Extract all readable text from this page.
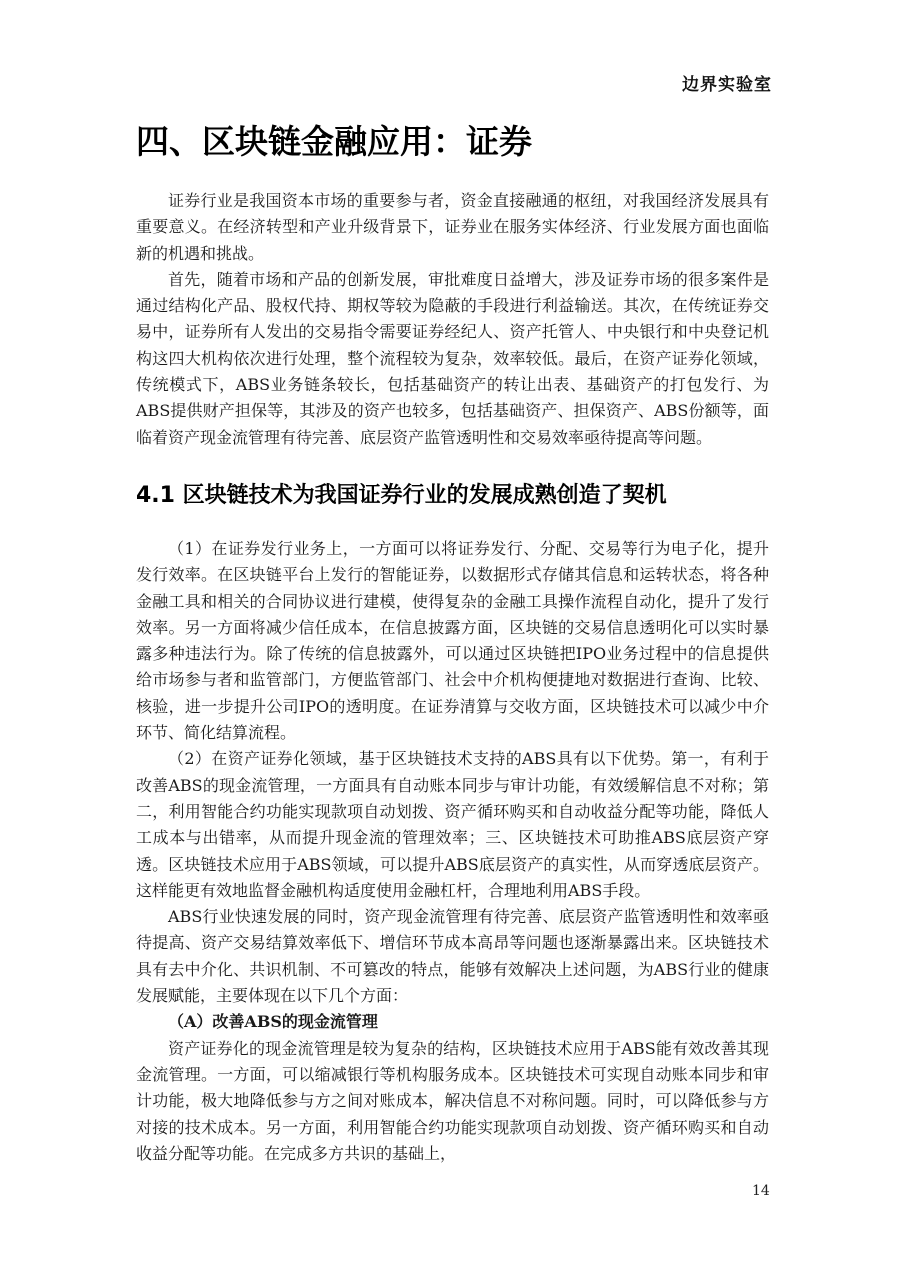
边界实验室
四、区块链金融应用：证券

证券行业是我国资本市场的重要参与者，资金直接融通的枢纽，对我国经济发展具有重要意义。在经济转型和产业升级背景下，证券业在服务实体经济、行业发展方面也面临新的机遇和挑战。

首先，随着市场和产品的创新发展，审批难度日益增大，涉及证券市场的很多案件是通过结构化产品、股权代持、期权等较为隐蔽的手段进行利益输送。其次，在传统证券交易中，证券所有人发出的交易指令需要证券经纪人、资产托管人、中央银行和中央登记机构这四大机构依次进行处理，整个流程较为复杂，效率较低。最后，在资产证券化领域，传统模式下，ABS业务链条较长，包括基础资产的转让出表、基础资产的打包发行、为ABS提供财产担保等，其涉及的资产也较多，包括基础资产、担保资产、ABS份额等，面临着资产现金流管理有待完善、底层资产监管透明性和交易效率亟待提高等问题。

4.1 区块链技术为我国证券行业的发展成熟创造了契机

（1）在证券发行业务上，一方面可以将证券发行、分配、交易等行为电子化，提升发行效率。在区块链平台上发行的智能证券，以数据形式存储其信息和运转状态，将各种金融工具和相关的合同协议进行建模，使得复杂的金融工具操作流程自动化，提升了发行效率。另一方面将减少信任成本，在信息披露方面，区块链的交易信息透明化可以实时暴露多种违法行为。除了传统的信息披露外，可以通过区块链把IPO业务过程中的信息提供给市场参与者和监管部门，方便监管部门、社会中介机构便捷地对数据进行查询、比较、核验，进一步提升公司IPO的透明度。在证券清算与交收方面，区块链技术可以减少中介环节、简化结算流程。

（2）在资产证券化领域，基于区块链技术支持的ABS具有以下优势。第一，有利于改善ABS的现金流管理，一方面具有自动账本同步与审计功能，有效缓解信息不对称；第二，利用智能合约功能实现款项自动划拨、资产循环购买和自动收益分配等功能，降低人工成本与出错率，从而提升现金流的管理效率；三、区块链技术可助推ABS底层资产穿透。区块链技术应用于ABS领域，可以提升ABS底层资产的真实性，从而穿透底层资产。这样能更有效地监督金融机构适度使用金融杠杆，合理地利用ABS手段。

ABS行业快速发展的同时，资产现金流管理有待完善、底层资产监管透明性和效率亟待提高、资产交易结算效率低下、增信环节成本高昂等问题也逐渐暴露出来。区块链技术具有去中介化、共识机制、不可篡改的特点，能够有效解决上述问题，为ABS行业的健康发展赋能，主要体现在以下几个方面：

（A）改善ABS的现金流管理

资产证券化的现金流管理是较为复杂的结构，区块链技术应用于ABS能有效改善其现金流管理。一方面，可以缩减银行等机构服务成本。区块链技术可实现自动账本同步和审计功能，极大地降低参与方之间对账成本，解决信息不对称问题。同时，可以降低参与方对接的技术成本。另一方面，利用智能合约功能实现款项自动划拨、资产循环购买和自动收益分配等功能。在完成多方共识的基础上，

14
